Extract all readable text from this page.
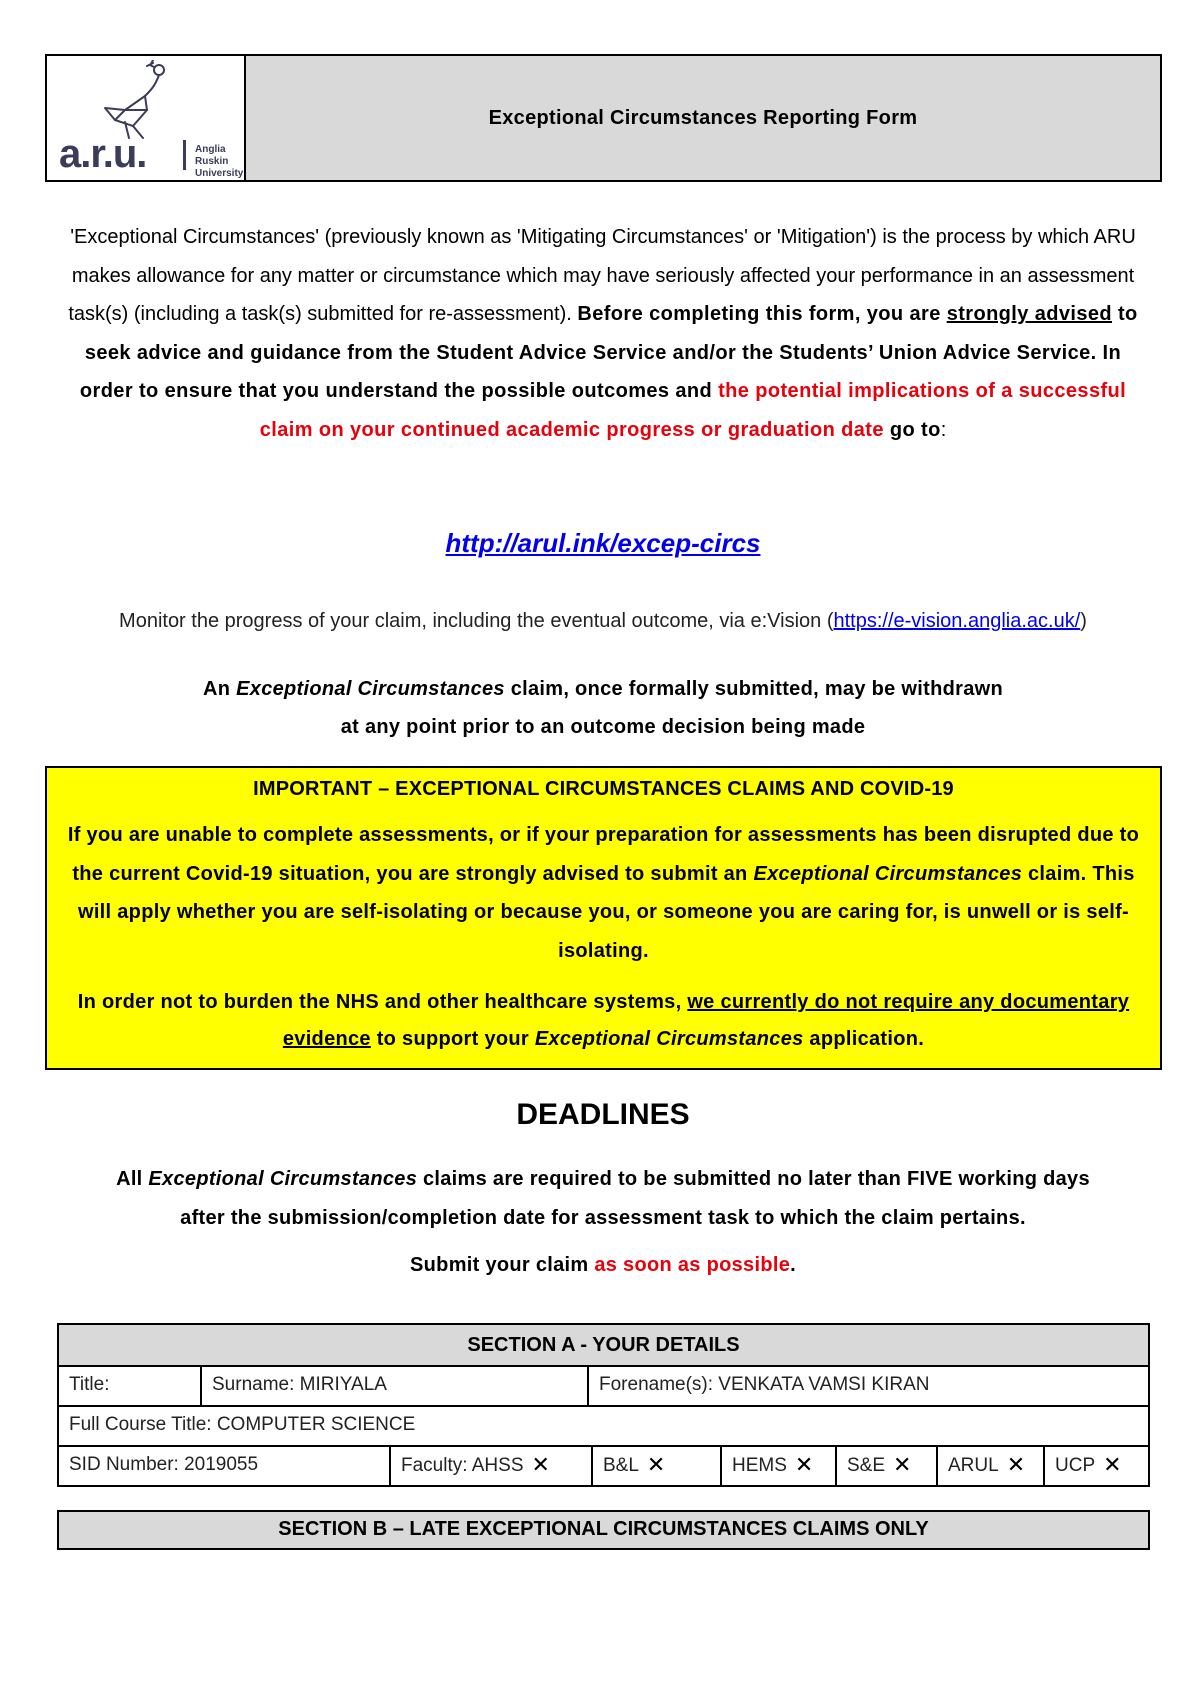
a.r.u.	Anglia Ruskin
University
Exceptional Circumstances Reporting Form
'Exceptional Circumstances' (previously known as 'Mitigating Circumstances' or 'Mitigation') is the process by which ARU makes allowance for any matter or circumstance which may have seriously affected your performance in an assessment task(s) (including a task(s) submitted for re-assessment). Before completing this form, you are strongly advised to seek advice and guidance from the Student Advice Service and/or the Students’ Union Advice Service. In order to ensure that you understand the possible outcomes and the potential implications of a successful claim on your continued academic progress or graduation date go to:
http://arul.ink/excep-circs
Monitor the progress of your claim, including the eventual outcome, via e:Vision (https://e-vision.anglia.ac.uk/)
An Exceptional Circumstances claim, once formally submitted, may be withdrawn
at any point prior to an outcome decision being made
IMPORTANT – EXCEPTIONAL CIRCUMSTANCES CLAIMS AND COVID-19
If you are unable to complete assessments, or if your preparation for assessments has been disrupted due to the current Covid-19 situation, you are strongly advised to submit an Exceptional Circumstances claim. This will apply whether you are self-isolating or because you, or someone you are caring for, is unwell or is self-isolating.
In order not to burden the NHS and other healthcare systems, we currently do not require any documentary evidence to support your Exceptional Circumstances application.
DEADLINES
All Exceptional Circumstances claims are required to be submitted no later than FIVE working days
after the submission/completion date for assessment task to which the claim pertains.
Submit your claim as soon as possible.
SECTION A - YOUR DETAILS
Title:	Surname: MIRIYALA	Forename(s): VENKATA VAMSI KIRAN
Full Course Title: COMPUTER SCIENCE
SID Number: 2019055	Faculty: AHSS ✕	B&L ✕	HEMS ✕	S&E ✕	ARUL ✕	UCP ✕
SECTION B – LATE EXCEPTIONAL CIRCUMSTANCES CLAIMS ONLY
